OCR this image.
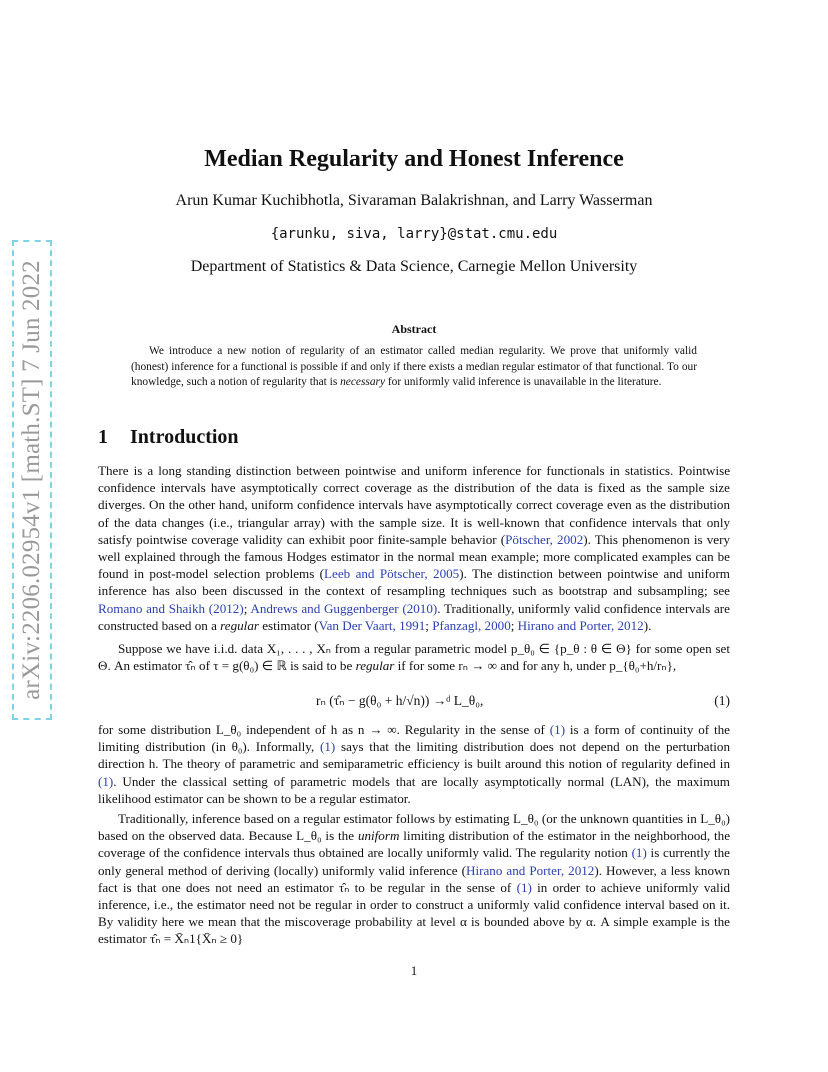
arXiv:2206.02954v1 [math.ST] 7 Jun 2022
Median Regularity and Honest Inference
Arun Kumar Kuchibhotla, Sivaraman Balakrishnan, and Larry Wasserman
{arunku, siva, larry}@stat.cmu.edu
Department of Statistics & Data Science, Carnegie Mellon University
Abstract
We introduce a new notion of regularity of an estimator called median regularity. We prove that uniformly valid (honest) inference for a functional is possible if and only if there exists a median regular estimator of that functional. To our knowledge, such a notion of regularity that is necessary for uniformly valid inference is unavailable in the literature.
1 Introduction
There is a long standing distinction between pointwise and uniform inference for functionals in statistics. Pointwise confidence intervals have asymptotically correct coverage as the distribution of the data is fixed as the sample size diverges. On the other hand, uniform confidence intervals have asymptotically correct coverage even as the distribution of the data changes (i.e., triangular array) with the sample size. It is well-known that confidence intervals that only satisfy pointwise coverage validity can exhibit poor finite-sample behavior (Pötscher, 2002). This phenomenon is very well explained through the famous Hodges estimator in the normal mean example; more complicated examples can be found in post-model selection problems (Leeb and Pötscher, 2005). The distinction between pointwise and uniform inference has also been discussed in the context of resampling techniques such as bootstrap and subsampling; see Romano and Shaikh (2012); Andrews and Guggenberger (2010). Traditionally, uniformly valid confidence intervals are constructed based on a regular estimator (Van Der Vaart, 1991; Pfanzagl, 2000; Hirano and Porter, 2012).
Suppose we have i.i.d. data X₁, . . . , Xₙ from a regular parametric model p_θ₀ ∈ {p_θ : θ ∈ Θ} for some open set Θ. An estimator τ̂ₙ of τ = g(θ₀) ∈ ℝ is said to be regular if for some rₙ → ∞ and for any h, under p_{θ₀+h/rₙ},
rₙ (τ̂ₙ − g(θ₀ + h/√n)) →ᵈ L_θ₀,	(1)
for some distribution L_θ₀ independent of h as n → ∞. Regularity in the sense of (1) is a form of continuity of the limiting distribution (in θ₀). Informally, (1) says that the limiting distribution does not depend on the perturbation direction h. The theory of parametric and semiparametric efficiency is built around this notion of regularity defined in (1). Under the classical setting of parametric models that are locally asymptotically normal (LAN), the maximum likelihood estimator can be shown to be a regular estimator.
Traditionally, inference based on a regular estimator follows by estimating L_θ₀ (or the unknown quantities in L_θ₀) based on the observed data. Because L_θ₀ is the uniform limiting distribution of the estimator in the neighborhood, the coverage of the confidence intervals thus obtained are locally uniformly valid. The regularity notion (1) is currently the only general method of deriving (locally) uniformly valid inference (Hirano and Porter, 2012). However, a less known fact is that one does not need an estimator τ̂ₙ to be regular in the sense of (1) in order to achieve uniformly valid inference, i.e., the estimator need not be regular in order to construct a uniformly valid confidence interval based on it. By validity here we mean that the miscoverage probability at level α is bounded above by α. A simple example is the estimator τ̂ₙ = X̄ₙ1{X̄ₙ ≥ 0}
1
